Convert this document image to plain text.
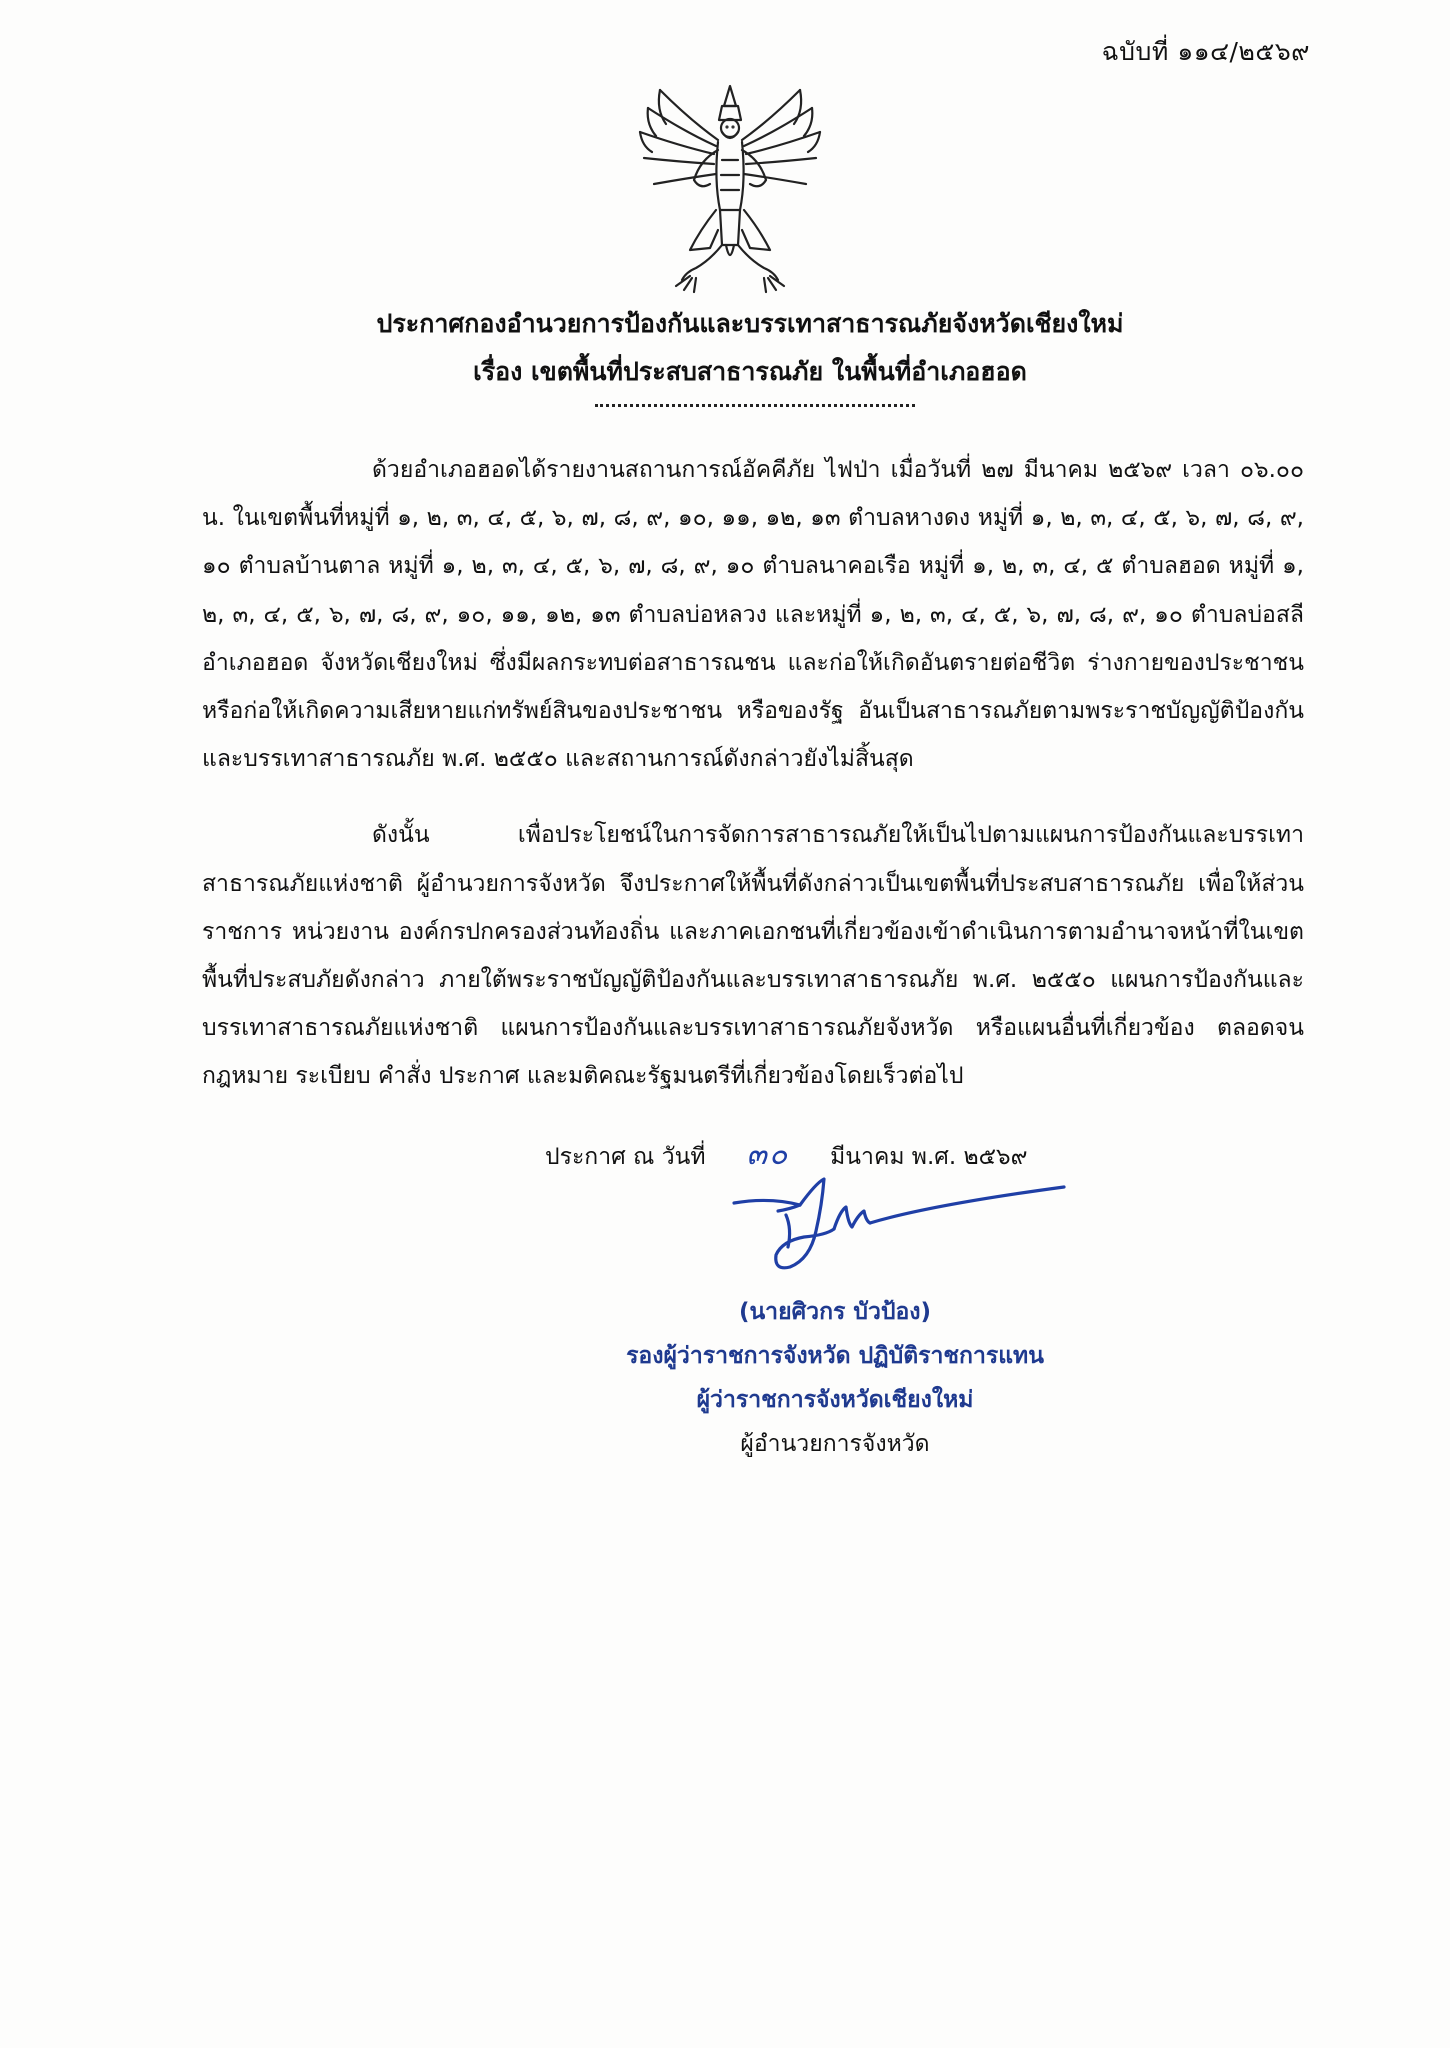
ฉบับที่ ๑๑๔/๒๕๖๙
ประกาศกองอำนวยการป้องกันและบรรเทาสาธารณภัยจังหวัดเชียงใหม่
เรื่อง เขตพื้นที่ประสบสาธารณภัย ในพื้นที่อำเภอฮอด

ด้วยอำเภอฮอดได้รายงานสถานการณ์อัคคีภัย ไฟป่า เมื่อวันที่ ๒๗ มีนาคม ๒๕๖๙ เวลา ๐๖.๐๐ น. ในเขตพื้นที่หมู่ที่ ๑, ๒, ๓, ๔, ๕, ๖, ๗, ๘, ๙, ๑๐, ๑๑, ๑๒, ๑๓ ตำบลหางดง หมู่ที่ ๑, ๒, ๓, ๔, ๕, ๖, ๗, ๘, ๙, ๑๐ ตำบลบ้านตาล หมู่ที่ ๑, ๒, ๓, ๔, ๕, ๖, ๗, ๘, ๙, ๑๐ ตำบลนาคอเรือ หมู่ที่ ๑, ๒, ๓, ๔, ๕ ตำบลฮอด หมู่ที่ ๑, ๒, ๓, ๔, ๕, ๖, ๗, ๘, ๙, ๑๐, ๑๑, ๑๒, ๑๓ ตำบลบ่อหลวง และหมู่ที่ ๑, ๒, ๓, ๔, ๕, ๖, ๗, ๘, ๙, ๑๐ ตำบลบ่อสลี อำเภอฮอด จังหวัดเชียงใหม่ ซึ่งมีผลกระทบต่อสาธารณชน และก่อให้เกิดอันตรายต่อชีวิต ร่างกายของประชาชนหรือก่อให้เกิดความเสียหายแก่ทรัพย์สินของประชาชน หรือของรัฐ อันเป็นสาธารณภัยตามพระราชบัญญัติป้องกันและบรรเทาสาธารณภัย พ.ศ. ๒๕๕๐ และสถานการณ์ดังกล่าวยังไม่สิ้นสุด

ดังนั้น เพื่อประโยชน์ในการจัดการสาธารณภัยให้เป็นไปตามแผนการป้องกันและบรรเทาสาธารณภัยแห่งชาติ ผู้อำนวยการจังหวัด จึงประกาศให้พื้นที่ดังกล่าวเป็นเขตพื้นที่ประสบสาธารณภัย เพื่อให้ส่วนราชการ หน่วยงาน องค์กรปกครองส่วนท้องถิ่น และภาคเอกชนที่เกี่ยวข้องเข้าดำเนินการตามอำนาจหน้าที่ในเขตพื้นที่ประสบภัยดังกล่าว ภายใต้พระราชบัญญัติป้องกันและบรรเทาสาธารณภัย พ.ศ. ๒๕๕๐ แผนการป้องกันและบรรเทาสาธารณภัยแห่งชาติ แผนการป้องกันและบรรเทาสาธารณภัยจังหวัด หรือแผนอื่นที่เกี่ยวข้อง ตลอดจนกฎหมาย ระเบียบ คำสั่ง ประกาศ และมติคณะรัฐมนตรีที่เกี่ยวข้องโดยเร็วต่อไป

ประกาศ ณ วันที่ ๓๐ มีนาคม พ.ศ. ๒๕๖๙
(นายศิวกร บัวป้อง)
รองผู้ว่าราชการจังหวัด ปฏิบัติราชการแทน
ผู้ว่าราชการจังหวัดเชียงใหม่
ผู้อำนวยการจังหวัด
